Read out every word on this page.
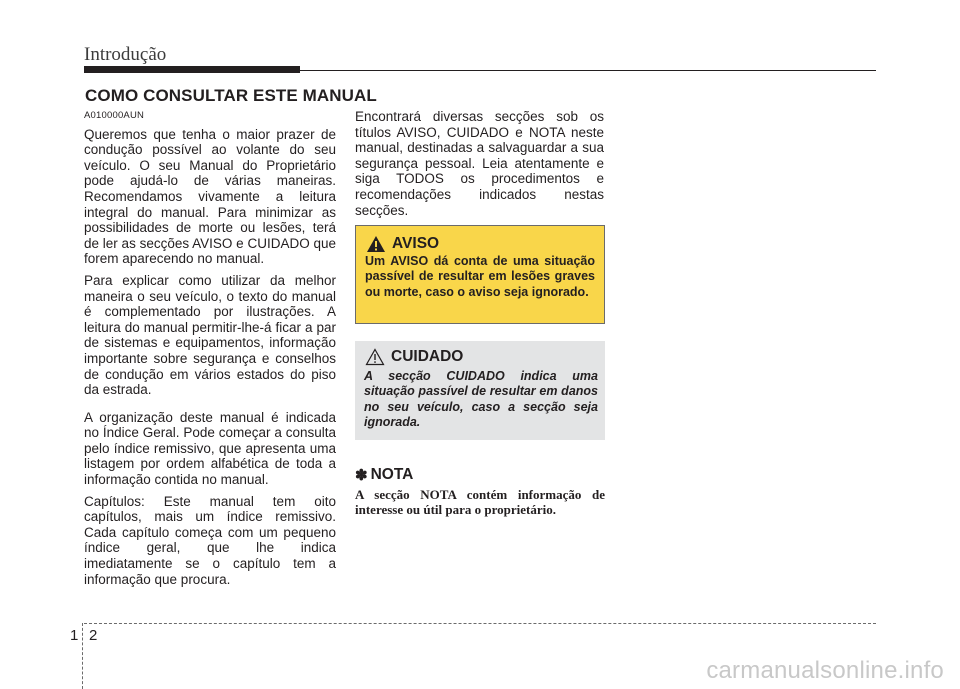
Introdução
COMO CONSULTAR ESTE MANUAL

A010000AUN

Queremos que tenha o maior prazer de condução possível ao volante do seu veículo. O seu Manual do Proprietário pode ajudá-lo de várias maneiras. Recomendamos vivamente a leitura integral do manual. Para minimizar as possibilidades de morte ou lesões, terá de ler as secções AVISO e CUIDADO que forem aparecendo no manual.

Para explicar como utilizar da melhor maneira o seu veículo, o texto do manual é complementado por ilustrações. A leitura do manual permitir-lhe-á ficar a par de sistemas e equipamentos, informação importante sobre segurança e conselhos de condução em vários estados do piso da estrada.

A organização deste manual é indicada no Índice Geral. Pode começar a consulta pelo índice remissivo, que apresenta uma listagem por ordem alfabética de toda a informação contida no manual.

Capítulos: Este manual tem oito capítulos, mais um índice remissivo. Cada capítulo começa com um pequeno índice geral, que lhe indica imediatamente se o capítulo tem a informação que procura.

Encontrará diversas secções sob os títulos AVISO, CUIDADO e NOTA neste manual, destinadas a salvaguardar a sua segurança pessoal. Leia atentamente e siga TODOS os procedimentos e recomendações indicados nestas secções.

AVISO
Um AVISO dá conta de uma situação passível de resultar em lesões graves ou morte, caso o aviso seja ignorado.
CUIDADO
A secção CUIDADO indica uma situação passível de resultar em danos no seu veículo, caso a secção seja ignorada.
✽ NOTA
A secção NOTA contém informação de interesse ou útil para o proprietário.
1 2
carmanualsonline.info
